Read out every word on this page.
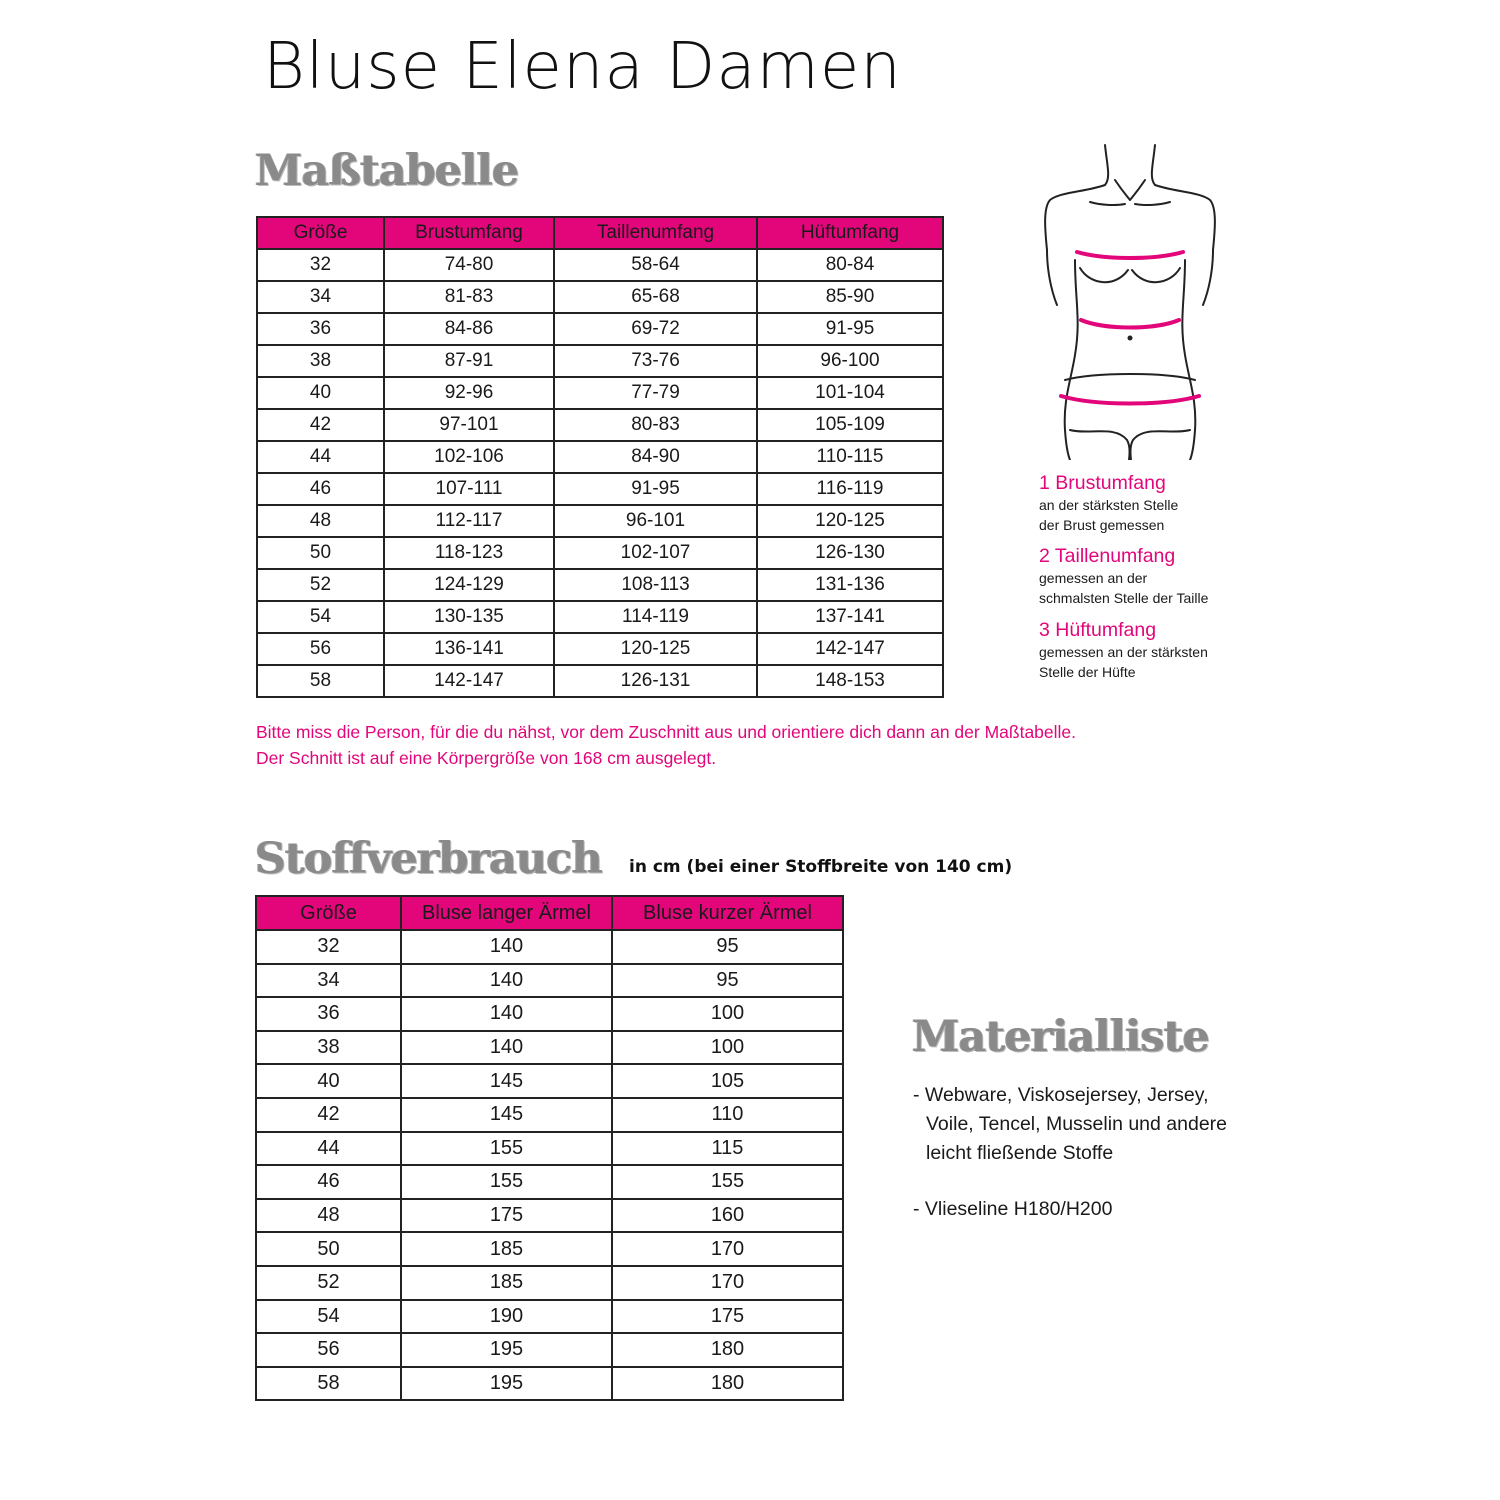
Bluse Elena Damen
Maßtabelle
Größe	Brustumfang	Taillenumfang	Hüftumfang
32	74-80	58-64	80-84
34	81-83	65-68	85-90
36	84-86	69-72	91-95
38	87-91	73-76	96-100
40	92-96	77-79	101-104
42	97-101	80-83	105-109
44	102-106	84-90	110-115
46	107-111	91-95	116-119
48	112-117	96-101	120-125
50	118-123	102-107	126-130
52	124-129	108-113	131-136
54	130-135	114-119	137-141
56	136-141	120-125	142-147
58	142-147	126-131	148-153
Bitte miss die Person, für die du nähst, vor dem Zuschnitt aus und orientiere dich dann an der Maßtabelle.
Der Schnitt ist auf eine Körpergröße von 168 cm ausgelegt.
1 Brustumfang
an der stärksten Stelle
der Brust gemessen
2 Taillenumfang
gemessen an der
schmalsten Stelle der Taille
3 Hüftumfang
gemessen an der stärksten
Stelle der Hüfte
Stoffverbrauch in cm (bei einer Stoffbreite von 140 cm)
Größe	Bluse langer Ärmel	Bluse kurzer Ärmel
32	140	95
34	140	95
36	140	100
38	140	100
40	145	105
42	145	110
44	155	115
46	155	155
48	175	160
50	185	170
52	185	170
54	190	175
56	195	180
58	195	180
Materialliste
- Webware, Viskosejersey, Jersey,
Voile, Tencel, Musselin und andere
leicht fließende Stoffe
- Vlieseline H180/H200
